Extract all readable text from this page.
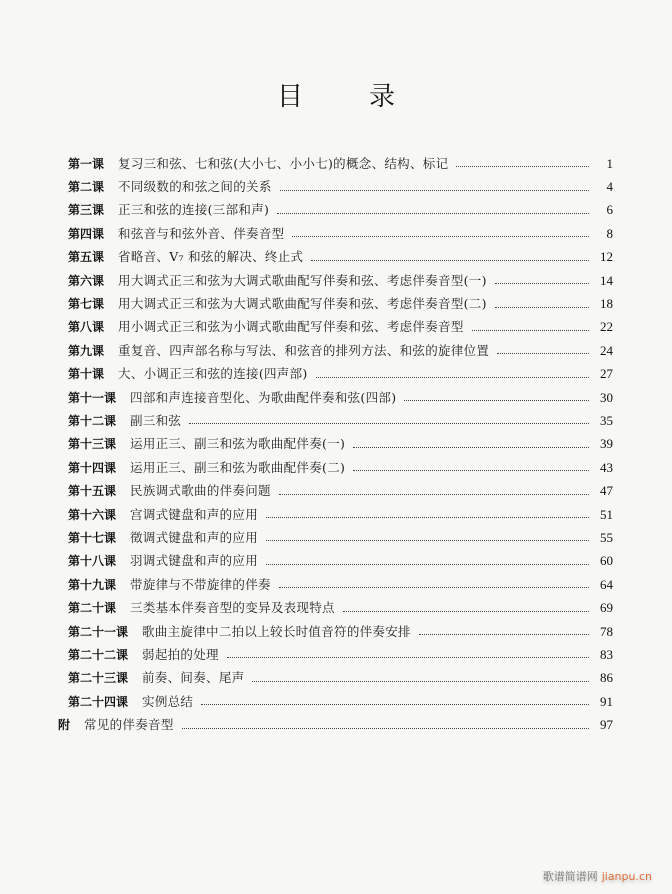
目	录
第一课 复习三和弦、七和弦(大小七、小小七)的概念、结构、标记	1
第二课 不同级数的和弦之间的关系	4
第三课 正三和弦的连接(三部和声)	6
第四课 和弦音与和弦外音、伴奏音型	8
第五课 省略音、V₇ 和弦的解决、终止式	12
第六课 用大调式正三和弦为大调式歌曲配写伴奏和弦、考虑伴奏音型(一)	14
第七课 用大调式正三和弦为大调式歌曲配写伴奏和弦、考虑伴奏音型(二)	18
第八课 用小调式正三和弦为小调式歌曲配写伴奏和弦、考虑伴奏音型	22
第九课 重复音、四声部名称与写法、和弦音的排列方法、和弦的旋律位置	24
第十课 大、小调正三和弦的连接(四声部)	27
第十一课 四部和声连接音型化、为歌曲配伴奏和弦(四部)	30
第十二课 副三和弦	35
第十三课 运用正三、副三和弦为歌曲配伴奏(一)	39
第十四课 运用正三、副三和弦为歌曲配伴奏(二)	43
第十五课 民族调式歌曲的伴奏问题	47
第十六课 宫调式键盘和声的应用	51
第十七课 徵调式键盘和声的应用	55
第十八课 羽调式键盘和声的应用	60
第十九课 带旋律与不带旋律的伴奏	64
第二十课 三类基本伴奏音型的变异及表现特点	69
第二十一课 歌曲主旋律中二拍以上较长时值音符的伴奏安排	78
第二十二课 弱起拍的处理	83
第二十三课 前奏、间奏、尾声	86
第二十四课 实例总结	91
附 常见的伴奏音型	97
歌谱简谱网 jianpu.cn
